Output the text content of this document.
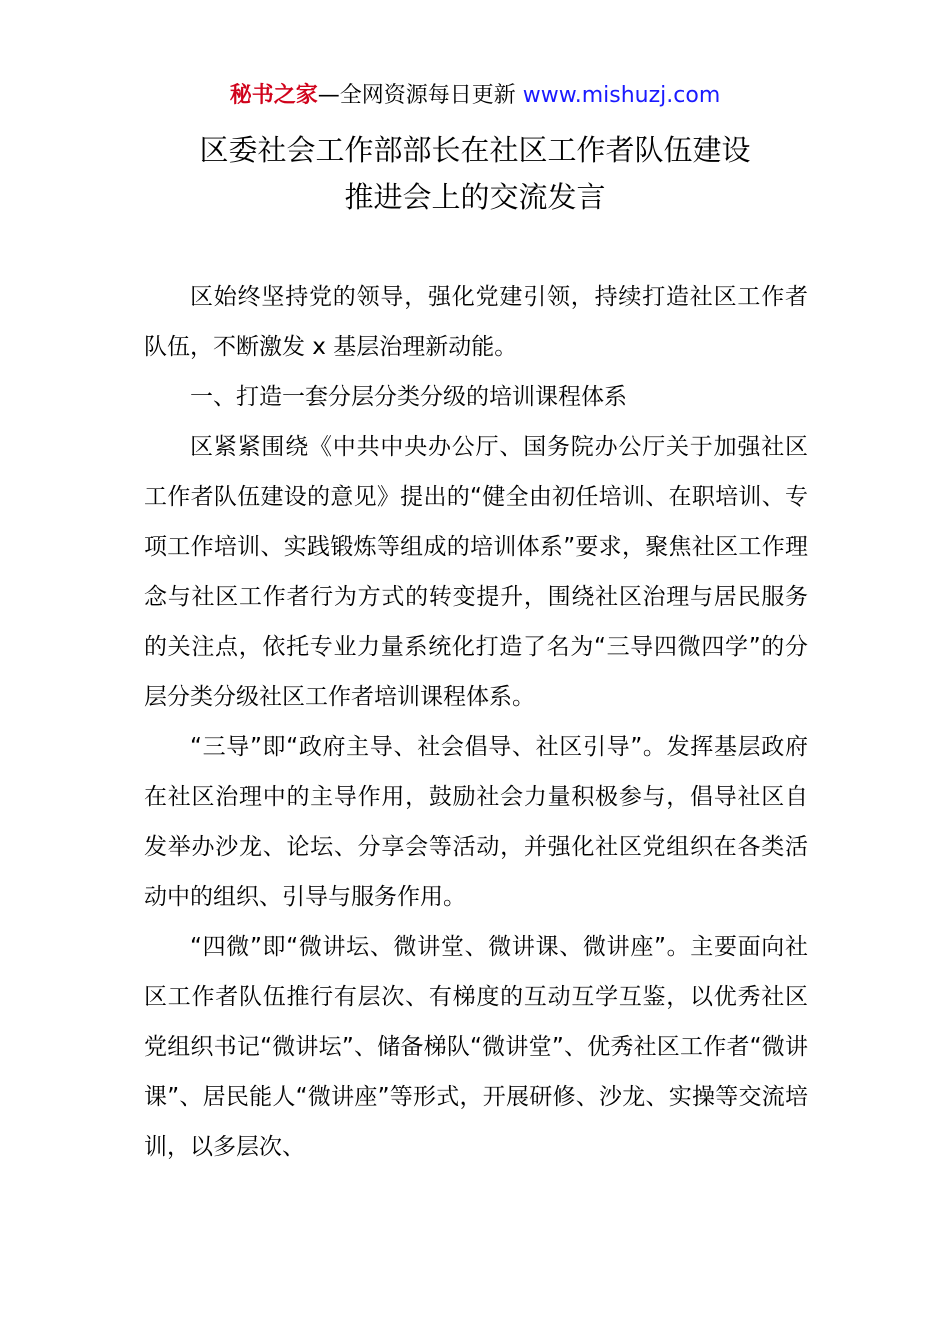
秘书之家—全网资源每日更新 www.mishuzj.com
区委社会工作部部长在社区工作者队伍建设
推进会上的交流发言

区始终坚持党的领导，强化党建引领，持续打造社区工作者队伍，不断激发 x 基层治理新动能。

一、打造一套分层分类分级的培训课程体系

区紧紧围绕《中共中央办公厅、国务院办公厅关于加强社区工作者队伍建设的意见》提出的“健全由初任培训、在职培训、专项工作培训、实践锻炼等组成的培训体系”要求，聚焦社区工作理念与社区工作者行为方式的转变提升，围绕社区治理与居民服务的关注点，依托专业力量系统化打造了名为“三导四微四学”的分层分类分级社区工作者培训课程体系。

“三导”即“政府主导、社会倡导、社区引导”。发挥基层政府在社区治理中的主导作用，鼓励社会力量积极参与，倡导社区自发举办沙龙、论坛、分享会等活动，并强化社区党组织在各类活动中的组织、引导与服务作用。

“四微”即“微讲坛、微讲堂、微讲课、微讲座”。主要面向社区工作者队伍推行有层次、有梯度的互动互学互鉴，以优秀社区党组织书记“微讲坛”、储备梯队“微讲堂”、优秀社区工作者“微讲课”、居民能人“微讲座”等形式，开展研修、沙龙、实操等交流培训，以多层次、
